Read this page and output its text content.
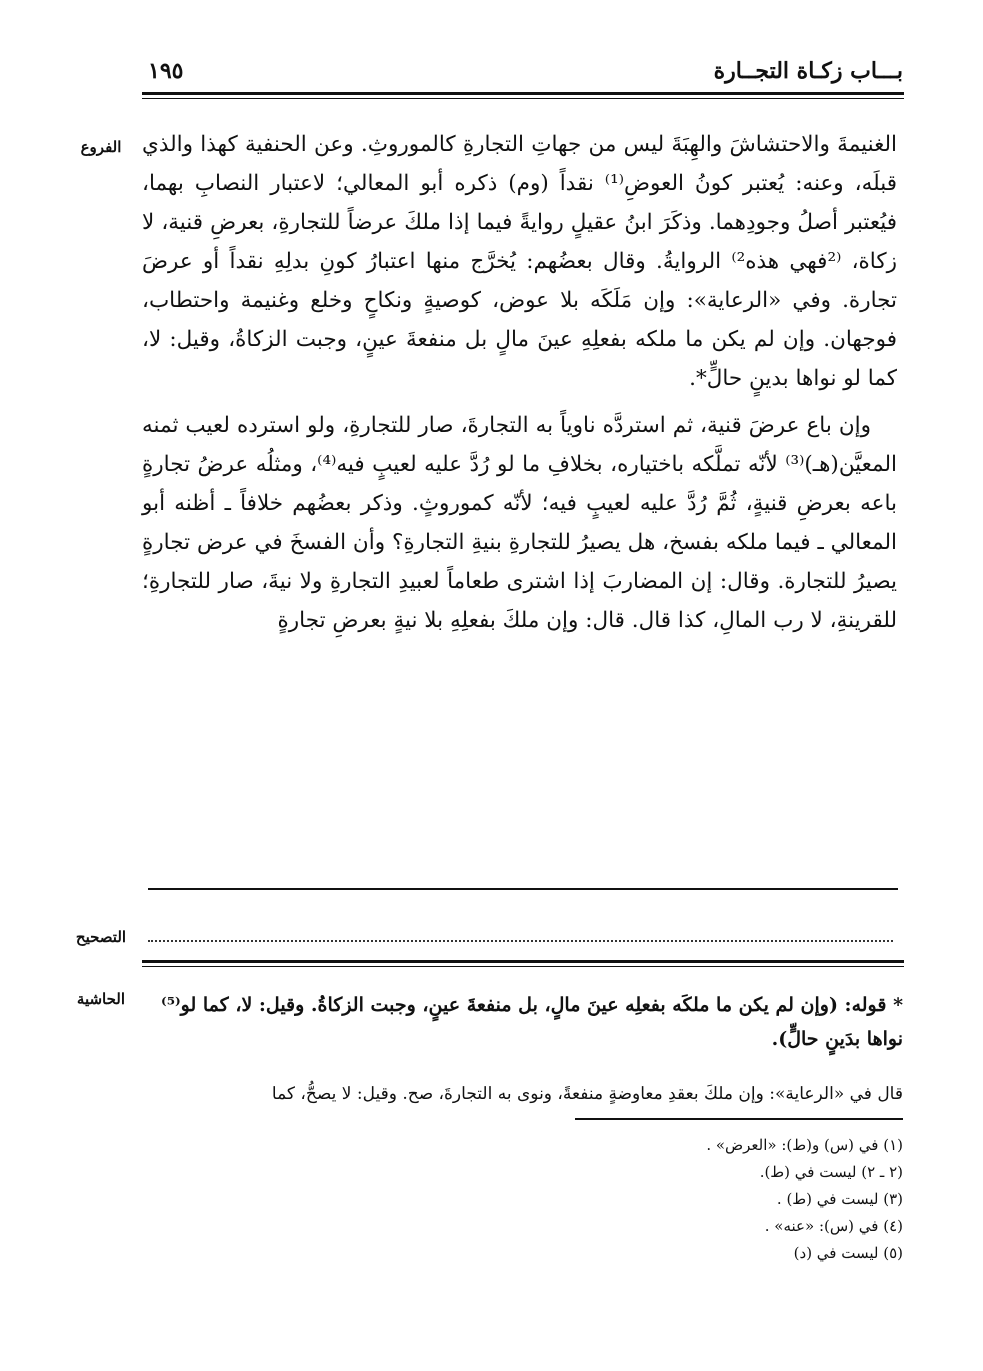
بـــاب زكـاة التجــارة
١٩٥
الفروع
التصحيح
الحاشية

الغنيمةَ والاحتشاشَ والهِبَةَ ليس من جهاتِ التجارةِ كالموروثِ. وعن الحنفية كهذا والذي قبلَه، وعنه: يُعتبر كونُ العوضِ⁽¹⁾ نقداً (وم) ذكره أبو المعالي؛ لاعتبار النصابِ بهما، فيُعتبر أصلُ وجودِهما. وذكَرَ ابنُ عقيلٍ روايةً فيما إذا ملكَ عرضاً للتجارةِ، بعرضِ قنية، لا زكاة، ⁽²فهي هذه²⁾ الروايةُ. وقال بعضُهم: يُخرَّج منها اعتبارُ كونِ بدلِهِ نقداً أو عرضَ تجارة. وفي «الرعاية»: وإن مَلَكَه بلا عوض، كوصيةٍ ونكاحٍ وخلع وغنيمة واحتطاب، فوجهان. وإن لم يكن ما ملكه بفعلِهِ عينَ مالٍ بل منفعةَ عينٍ، وجبت الزكاةُ، وقيل: لا، كما لو نواها بدينٍ حالٍّ*.

وإن باع عرضَ قنية، ثم استردَّه ناوياً به التجارةَ، صار للتجارةِ، ولو استرده لعيب ثمنه المعيَّن(هـ)⁽³⁾ لأنّه تملَّكه باختياره، بخلافِ ما لو رُدَّ عليه لعيبٍ فيه⁽⁴⁾، ومثلُه عرضُ تجارةٍ باعه بعرضِ قنيةٍ، ثُمَّ رُدَّ عليه لعيبٍ فيه؛ لأنّه كموروثٍ. وذكر بعضُهم خلافاً ـ أظنه أبو المعالي ـ فيما ملكه بفسخ، هل يصيرُ للتجارةِ بنيةِ التجارةِ؟ وأن الفسخَ في عرض تجارةٍ يصيرُ للتجارة. وقال: إن المضاربَ إذا اشترى طعاماً لعبيدِ التجارةِ ولا نيةَ، صار للتجارةِ؛ للقرينةِ، لا رب المالِ، كذا قال. قال: وإن ملكَ بفعلِهِ بلا نيةٍ بعرضِ تجارةٍ

* قوله: (وإن لم يكن ما ملكَه بفعلِه عينَ مالٍ، بل منفعةَ عينٍ، وجبت الزكاةُ. وقيل: لا، كما لو⁽⁵⁾ نواها بدَينٍ حالٍّ).
قال في «الرعاية»: وإن ملكَ بعقدِ معاوضةٍ منفعةً، ونوى به التجارةَ، صح. وقيل: لا يصحُّ، كما
(١) في (س) و(ط): «العرض» .
(٢ ـ ٢) ليست في (ط).
(٣) ليست في (ط) .
(٤) في (س): «عنه» .
(٥) ليست في (د)
